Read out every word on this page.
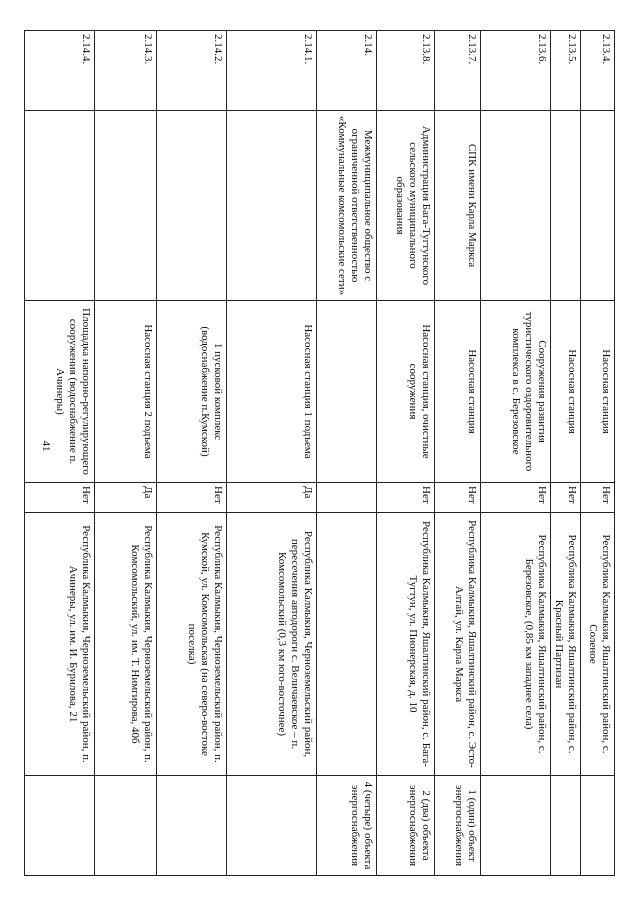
41
2.13.4.		Насосная станция	Нет	Республика Калмыкия, Яшалтинский район, с. Соленое	
2.13.5.		Насосная станция	Нет	Республика Калмыкия, Яшалтинский район, с. Красный Партизан	
2.13.6.		Сооружения развития туристического оздоровительного комплекса в с. Березовское	Нет	Республика Калмыкия, Яшалтинский район, с. Березовское, (0,85 км западнее села)	
2.13.7.	СПК имени Карла Маркса	Насосная станция	Нет	Республика Калмыкия, Яшалтинский район, с. Эсто-Алтай, ул. Карла Маркса	1 (один) объект энергоснабжения
2.13.8.	Администрация Бага-Тугтунского сельского муниципального образования	Насосная станция, очистные сооружения	Нет	Республика Калмыкия, Яшалтинский район, с. Бага-Тугтун, ул. Пионерская, д. 10	2 (два) объекта энергоснабжения
2.14.	Межмуниципальное общество с ограниченной ответственностью «Коммунальные комсомольские сети»				4 (четыре) объекта энергоснабжения
2.14.1.		Насосная станция 1 подъема	Да	Республика Калмыкия, Черноземельский район, пересечения автодороги с. Величаевское – п. Комсомольский (0,3 км юго-восточнее)	
2.14.2.		1 пусковой комплекс (водоснабжение п.Кумской)	Нет	Республика Калмыкия, Черноземельский район, п. Кумской, ул. Комсомольская (на северо-востоке поселка)	
2.14.3.		Насосная станция 2 подъема	Да	Республика Калмыкия, Черноземельский район, п. Комсомольский, ул. им. Т. Нимгирова, 40б	
2.14.4.		Площадка напорно-регулирующего сооружения (водоснабжение п. Ачинеры)	Нет	Республика Калмыкия, Черноземельский район, п. Ачинеры, ул. им. И. Бурилова, 21	
